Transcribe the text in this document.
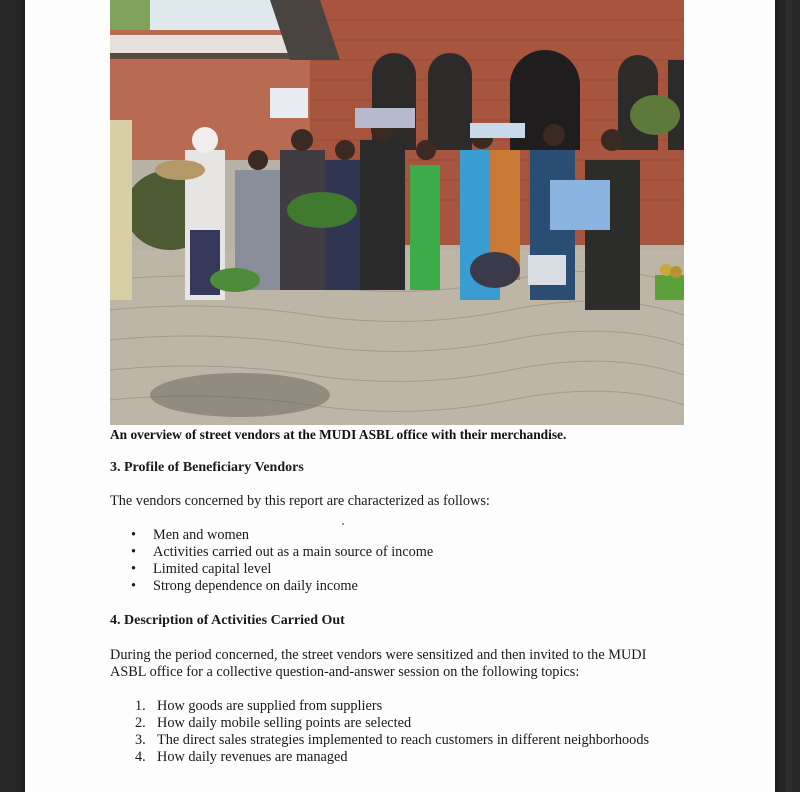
An overview of street vendors at the MUDI ASBL office with their merchandise.
3. Profile of Beneficiary Vendors
The vendors concerned by this report are characterized as follows:
• Men and women
• Activities carried out as a main source of income
• Limited capital level
• Strong dependence on daily income
4. Description of Activities Carried Out
During the period concerned, the street vendors were sensitized and then invited to the MUDI
ASBL office for a collective question-and-answer session on the following topics:
1. How goods are supplied from suppliers
2. How daily mobile selling points are selected
3. The direct sales strategies implemented to reach customers in different neighborhoods
4. How daily revenues are managed
